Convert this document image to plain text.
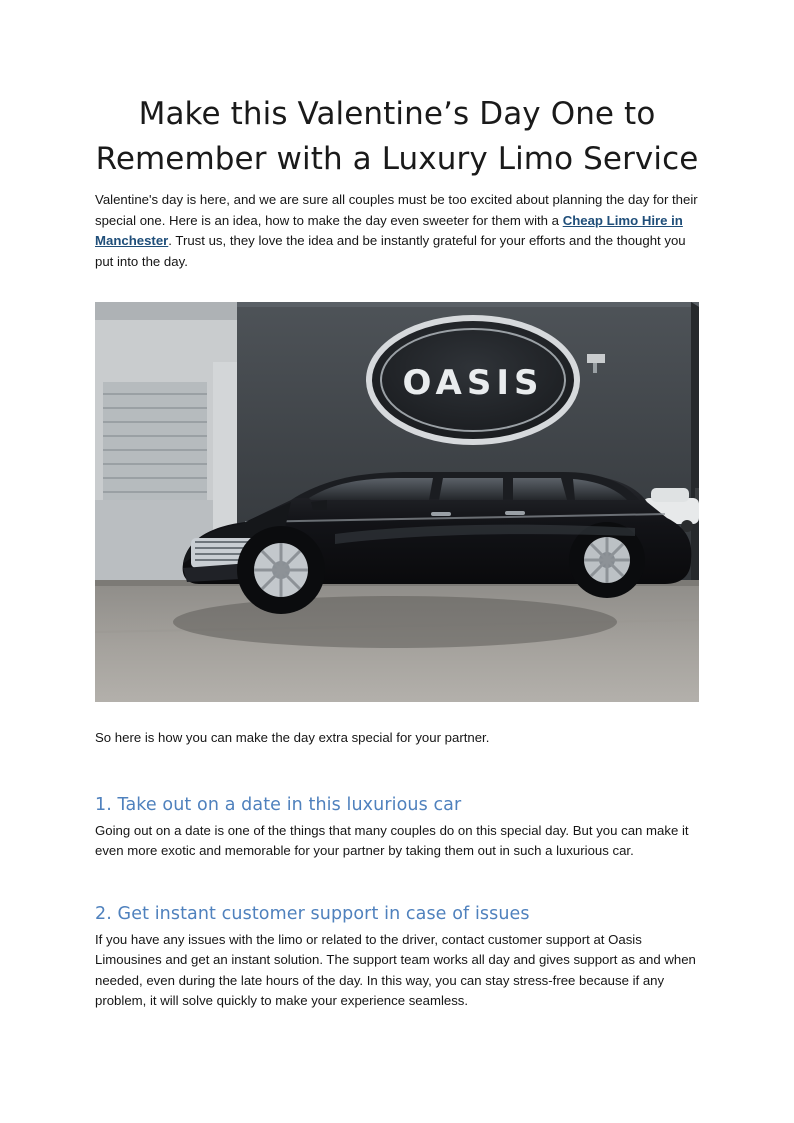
Make this Valentine’s Day One to Remember with a Luxury Limo Service

Valentine's day is here, and we are sure all couples must be too excited about planning the day for their special one. Here is an idea, how to make the day even sweeter for them with a Cheap Limo Hire in Manchester. Trust us, they love the idea and be instantly grateful for your efforts and the thought you put into the day.

OASIS

So here is how you can make the day extra special for your partner.

1. Take out on a date in this luxurious car

Going out on a date is one of the things that many couples do on this special day. But you can make it even more exotic and memorable for your partner by taking them out in such a luxurious car.

2. Get instant customer support in case of issues

If you have any issues with the limo or related to the driver, contact customer support at Oasis Limousines and get an instant solution. The support team works all day and gives support as and when needed, even during the late hours of the day. In this way, you can stay stress-free because if any problem, it will solve quickly to make your experience seamless.
